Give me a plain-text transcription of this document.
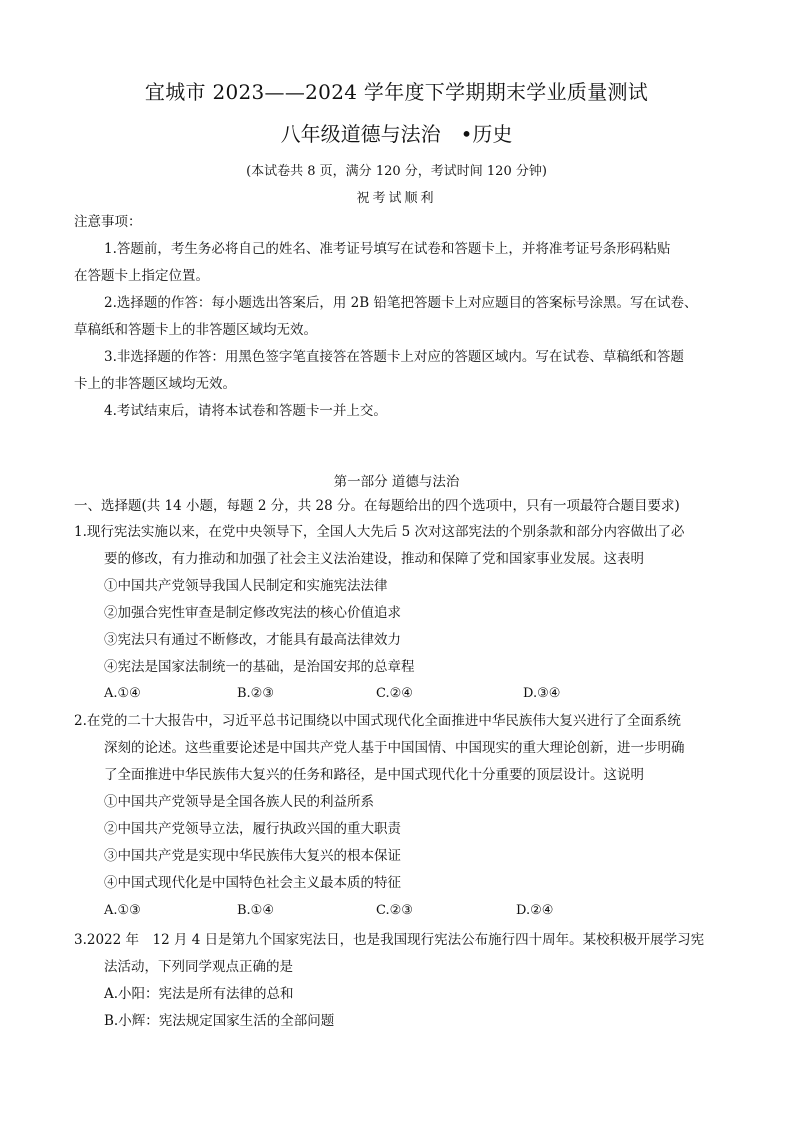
宜城市 2023——2024 学年度下学期期末学业质量测试
八年级道德与法治　•历史
(本试卷共 8 页，满分 120 分，考试时间 120 分钟)
祝考试顺利
注意事项：
1.答题前，考生务必将自己的姓名、准考证号填写在试卷和答题卡上，并将准考证号条形码粘贴
在答题卡上指定位置。
2.选择题的作答：每小题选出答案后，用 2B 铅笔把答题卡上对应题目的答案标号涂黑。写在试卷、
草稿纸和答题卡上的非答题区域均无效。
3.非选择题的作答：用黑色签字笔直接答在答题卡上对应的答题区域内。写在试卷、草稿纸和答题
卡上的非答题区域均无效。
4.考试结束后，请将本试卷和答题卡一并上交。
第一部分 道德与法治
一、选择题(共 14 小题，每题 2 分，共 28 分。在每题给出的四个选项中，只有一项最符合题目要求)
1.现行宪法实施以来，在党中央领导下，全国人大先后 5 次对这部宪法的个别条款和部分内容做出了必
要的修改，有力推动和加强了社会主义法治建设，推动和保障了党和国家事业发展。这表明
①中国共产党领导我国人民制定和实施宪法法律
②加强合宪性审查是制定修改宪法的核心价值追求
③宪法只有通过不断修改，才能具有最高法律效力
④宪法是国家法制统一的基础，是治国安邦的总章程
A.①④	B.②③	C.②④	D.③④
2.在党的二十大报告中，习近平总书记围绕以中国式现代化全面推进中华民族伟大复兴进行了全面系统
深刻的论述。这些重要论述是中国共产党人基于中国国情、中国现实的重大理论创新，进一步明确
了全面推进中华民族伟大复兴的任务和路径，是中国式现代化十分重要的顶层设计。这说明
①中国共产党领导是全国各族人民的利益所系
②中国共产党领导立法，履行执政兴国的重大职责
③中国共产党是实现中华民族伟大复兴的根本保证
④中国式现代化是中国特色社会主义最本质的特征
A.①③	B.①④	C.②③	D.②④
3.2022 年　12 月 4 日是第九个国家宪法日，也是我国现行宪法公布施行四十周年。某校积极开展学习宪
法活动，下列同学观点正确的是
A.小阳：宪法是所有法律的总和
B.小辉：宪法规定国家生活的全部问题
